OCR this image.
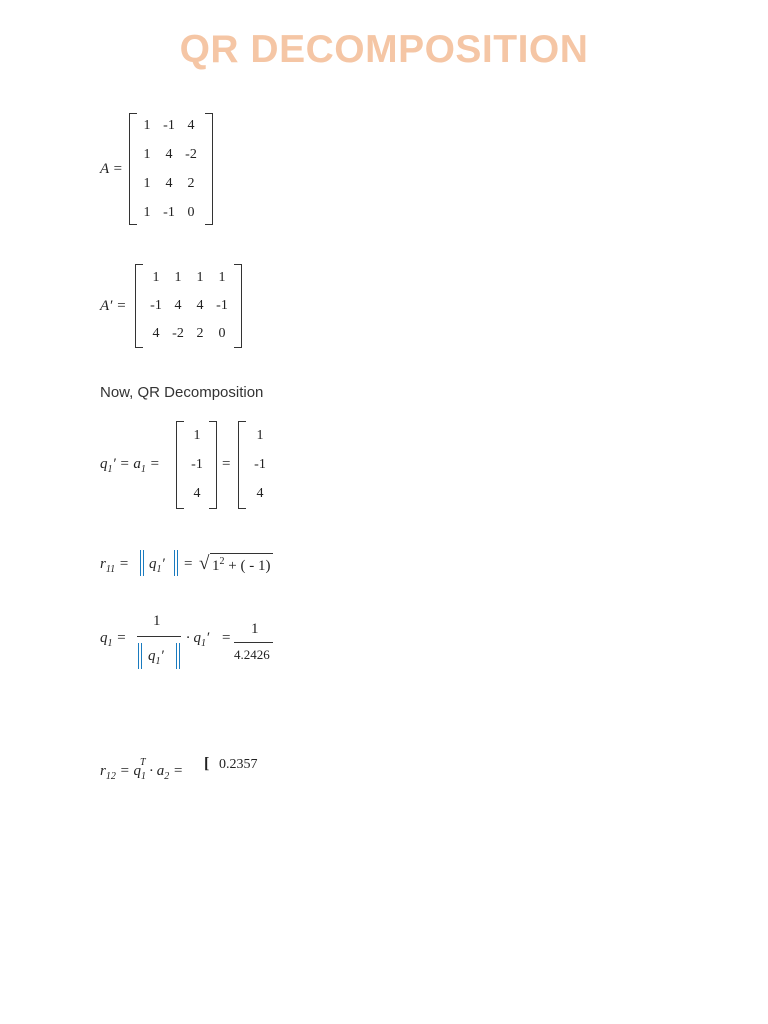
QR DECOMPOSITION
A =
1 -1 4
1	4 -2
1	4	2
1 -1 0
A′ =
1	1	1	1
-1 4	4 -1
4 -2 2	0
Now, QR Decomposition
$q_1' = a_1$ =
1
-1
4
=
1
-1
4
$r_{11} = q_1'$ = √ $1^2$ + ( - 1)
$q_1$ =
1
$q_1'$
· $q_1'$ =
1
4.2426
$r_{12} = q_1^T \cdot a_2$ = [ 0.2357
